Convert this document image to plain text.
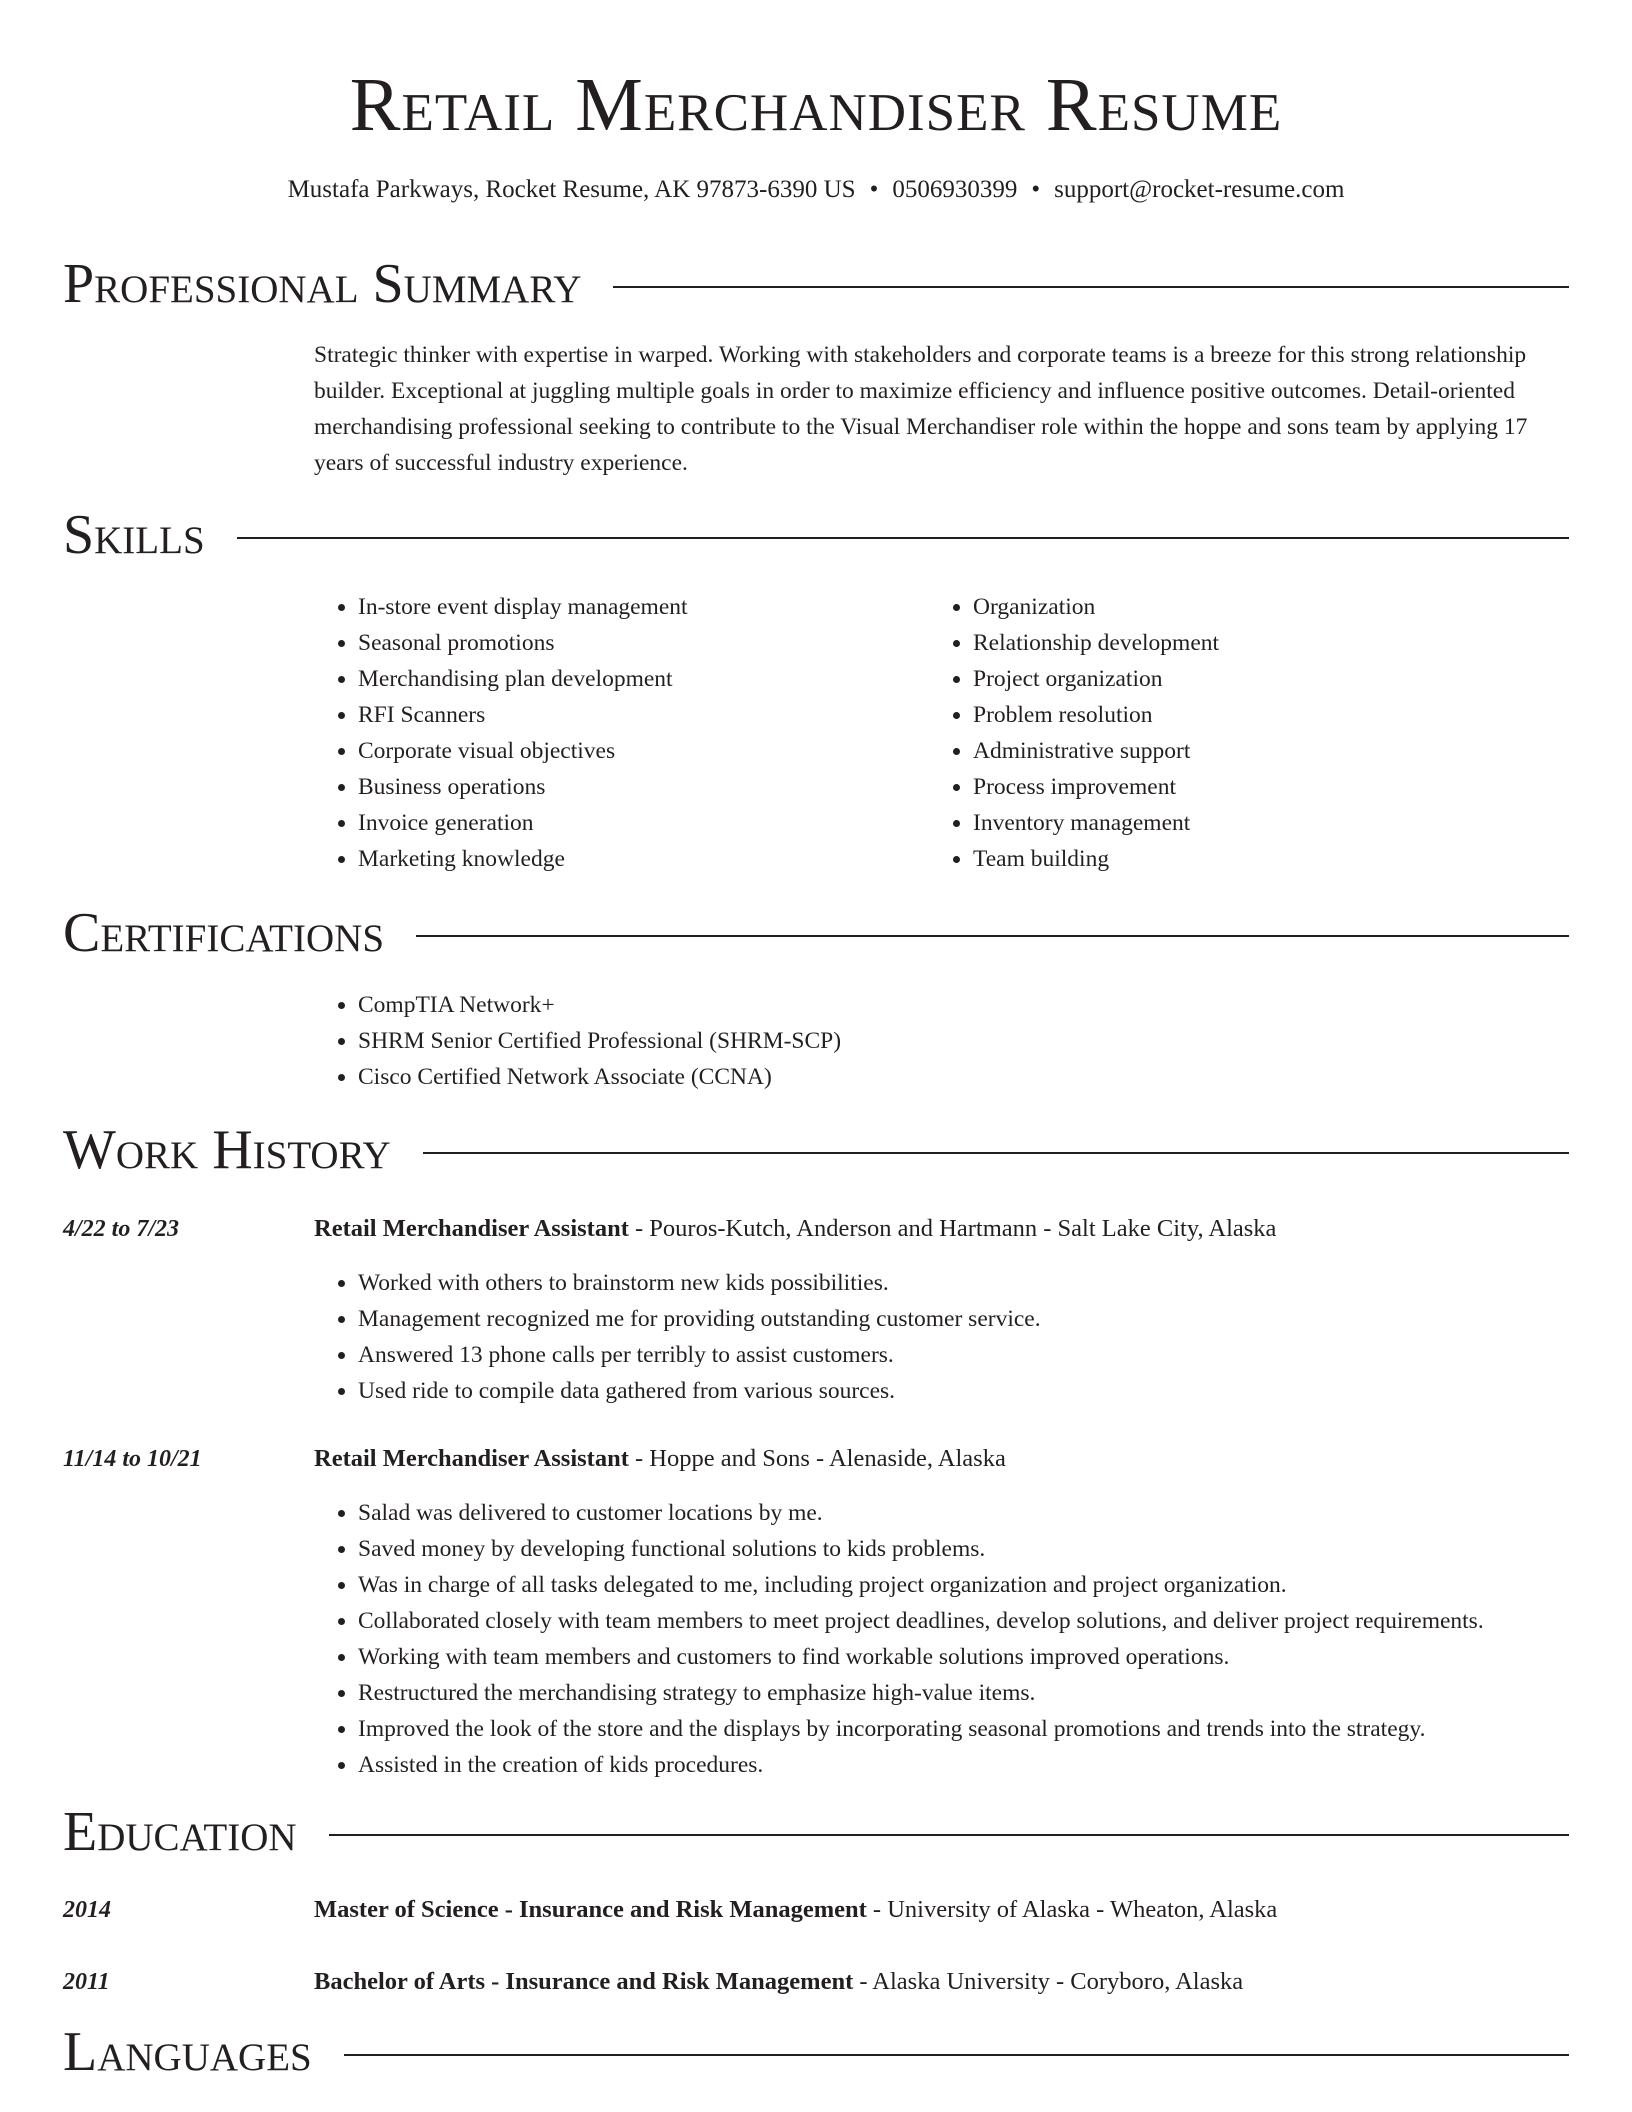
Retail Merchandiser Resume
Mustafa Parkways, Rocket Resume, AK 97873-6390 US • 0506930399 • support@rocket-resume.com
Professional Summary
Strategic thinker with expertise in warped. Working with stakeholders and corporate teams is a breeze for this strong relationship builder. Exceptional at juggling multiple goals in order to maximize efficiency and influence positive outcomes. Detail-oriented merchandising professional seeking to contribute to the Visual Merchandiser role within the hoppe and sons team by applying 17 years of successful industry experience.
Skills
• In-store event display management
• Seasonal promotions
• Merchandising plan development
• RFI Scanners
• Corporate visual objectives
• Business operations
• Invoice generation
• Marketing knowledge
• Organization
• Relationship development
• Project organization
• Problem resolution
• Administrative support
• Process improvement
• Inventory management
• Team building
Certifications
• CompTIA Network+
• SHRM Senior Certified Professional (SHRM-SCP)
• Cisco Certified Network Associate (CCNA)
Work History
4/22 to 7/23	Retail Merchandiser Assistant - Pouros-Kutch, Anderson and Hartmann - Salt Lake City, Alaska
• Worked with others to brainstorm new kids possibilities.
• Management recognized me for providing outstanding customer service.
• Answered 13 phone calls per terribly to assist customers.
• Used ride to compile data gathered from various sources.
11/14 to 10/21	Retail Merchandiser Assistant - Hoppe and Sons - Alenaside, Alaska
• Salad was delivered to customer locations by me.
• Saved money by developing functional solutions to kids problems.
• Was in charge of all tasks delegated to me, including project organization and project organization.
• Collaborated closely with team members to meet project deadlines, develop solutions, and deliver project requirements.
• Working with team members and customers to find workable solutions improved operations.
• Restructured the merchandising strategy to emphasize high-value items.
• Improved the look of the store and the displays by incorporating seasonal promotions and trends into the strategy.
• Assisted in the creation of kids procedures.
Education
2014	Master of Science - Insurance and Risk Management - University of Alaska - Wheaton, Alaska
2011	Bachelor of Arts - Insurance and Risk Management - Alaska University - Coryboro, Alaska
Languages
